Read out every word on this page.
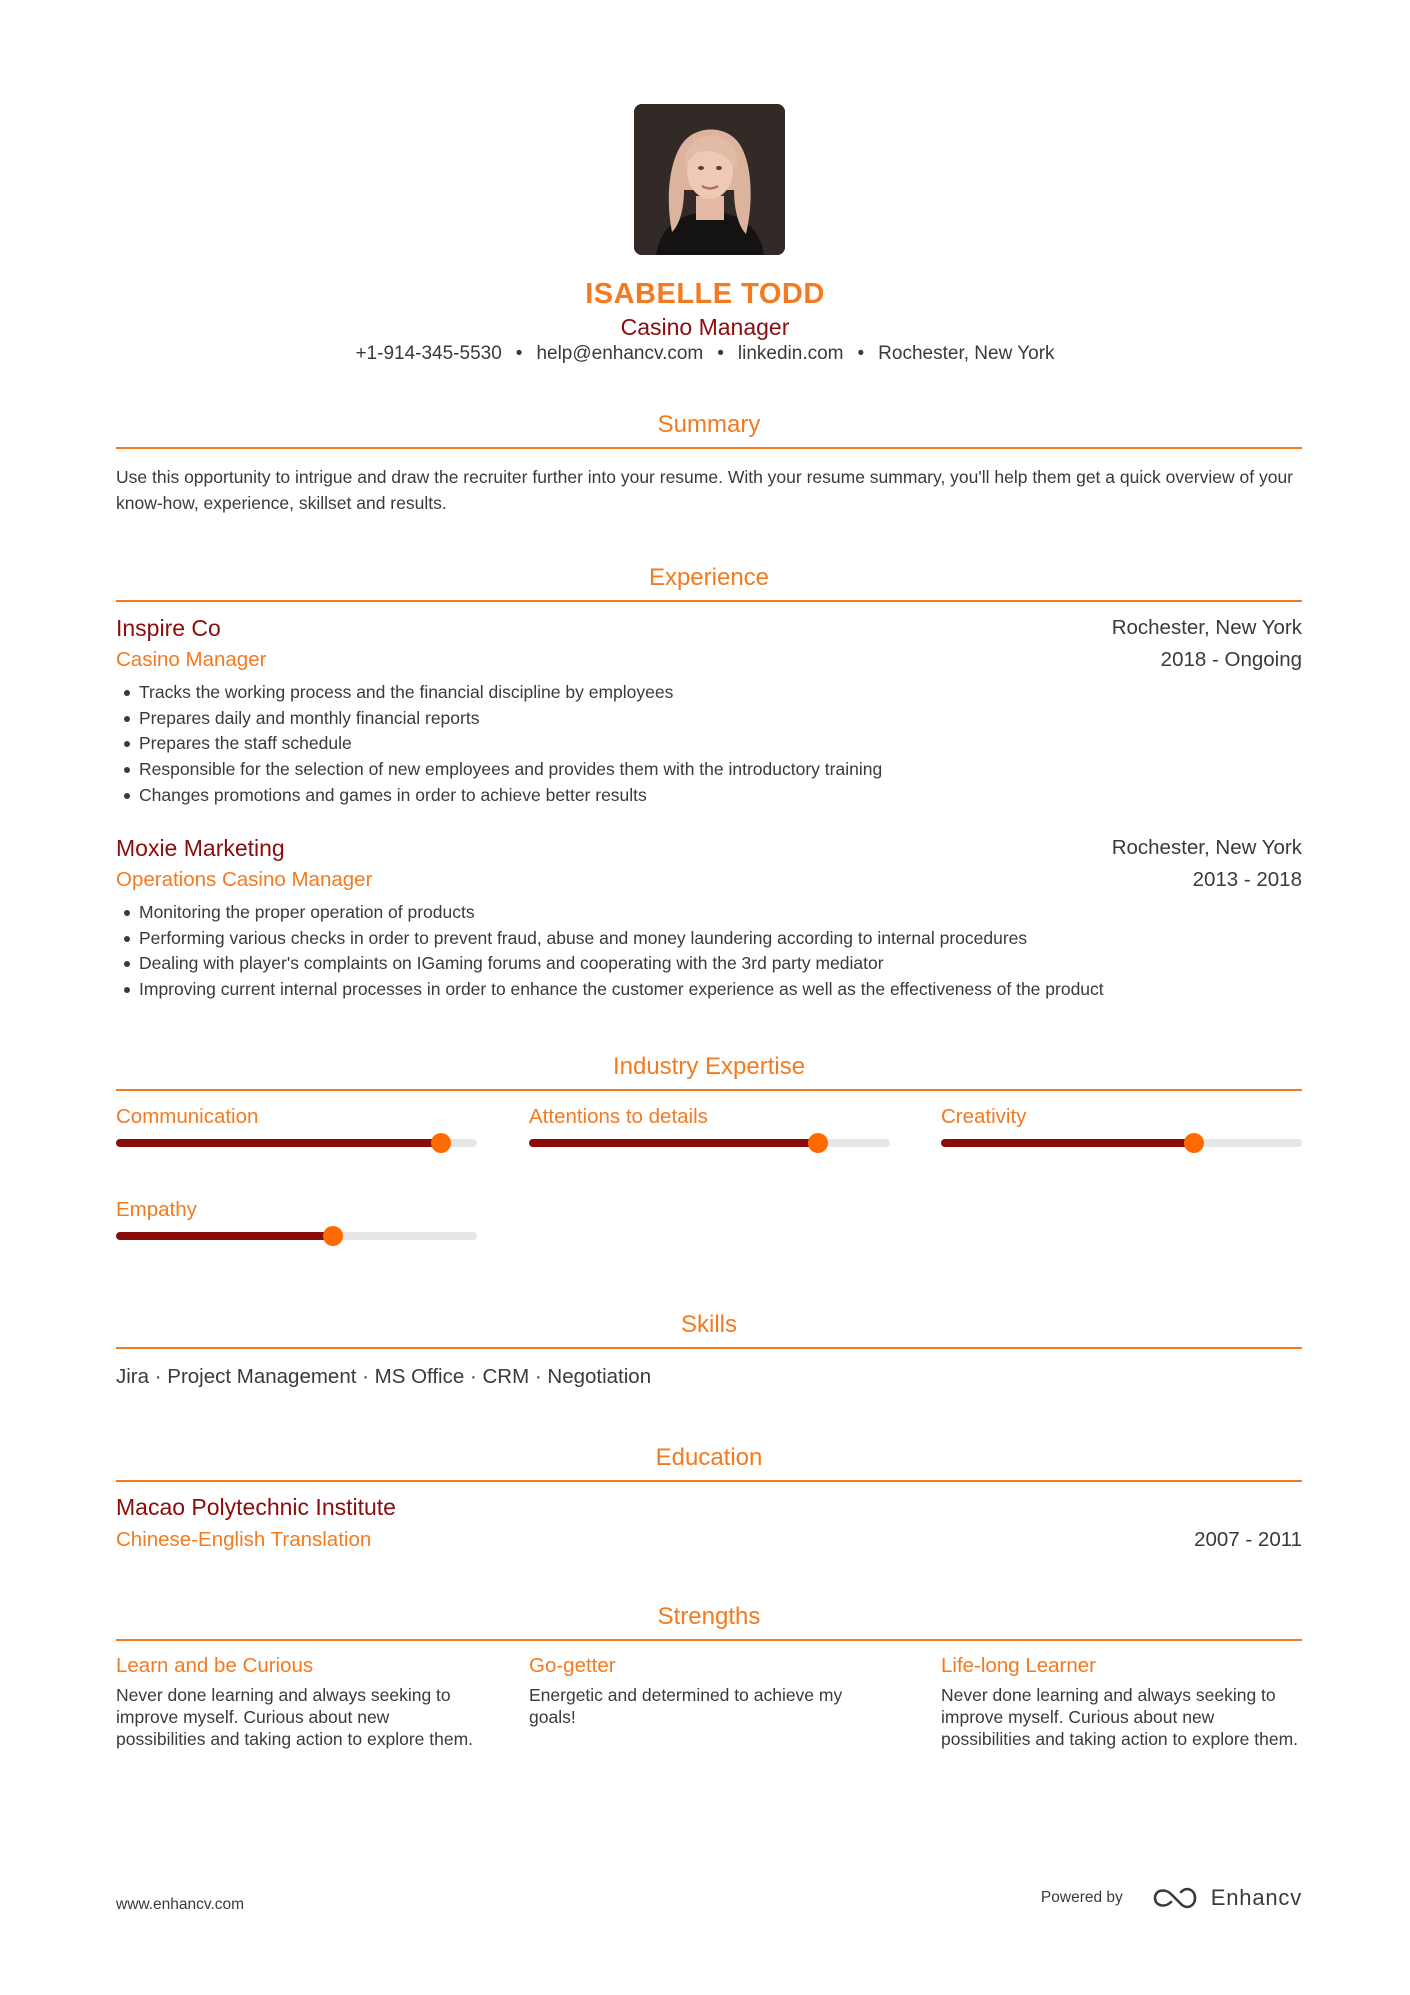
ISABELLE TODD
Casino Manager
+1-914-345-5530 • help@enhancv.com • linkedin.com • Rochester, New York
Summary
Use this opportunity to intrigue and draw the recruiter further into your resume. With your resume summary, you'll help them get a quick overview of your know-how, experience, skillset and results.
Experience
Inspire Co	Rochester, New York
Casino Manager	2018 - Ongoing
Tracks the working process and the financial discipline by employees
Prepares daily and monthly financial reports
Prepares the staff schedule
Responsible for the selection of new employees and provides them with the introductory training
Changes promotions and games in order to achieve better results
Moxie Marketing	Rochester, New York
Operations Casino Manager	2013 - 2018
Monitoring the proper operation of products
Performing various checks in order to prevent fraud, abuse and money laundering according to internal procedures
Dealing with player's complaints on IGaming forums and cooperating with the 3rd party mediator
Improving current internal processes in order to enhance the customer experience as well as the effectiveness of the product
Industry Expertise
Communication	Attentions to details	Creativity
Empathy
Skills
Jira · Project Management · MS Office · CRM · Negotiation
Education
Macao Polytechnic Institute
Chinese-English Translation	2007 - 2011
Strengths
Learn and be Curious
Never done learning and always seeking to improve myself. Curious about new possibilities and taking action to explore them.
Go-getter
Energetic and determined to achieve my goals!
Life-long Learner
Never done learning and always seeking to improve myself. Curious about new possibilities and taking action to explore them.
www.enhancv.com	Powered by	Enhancv
